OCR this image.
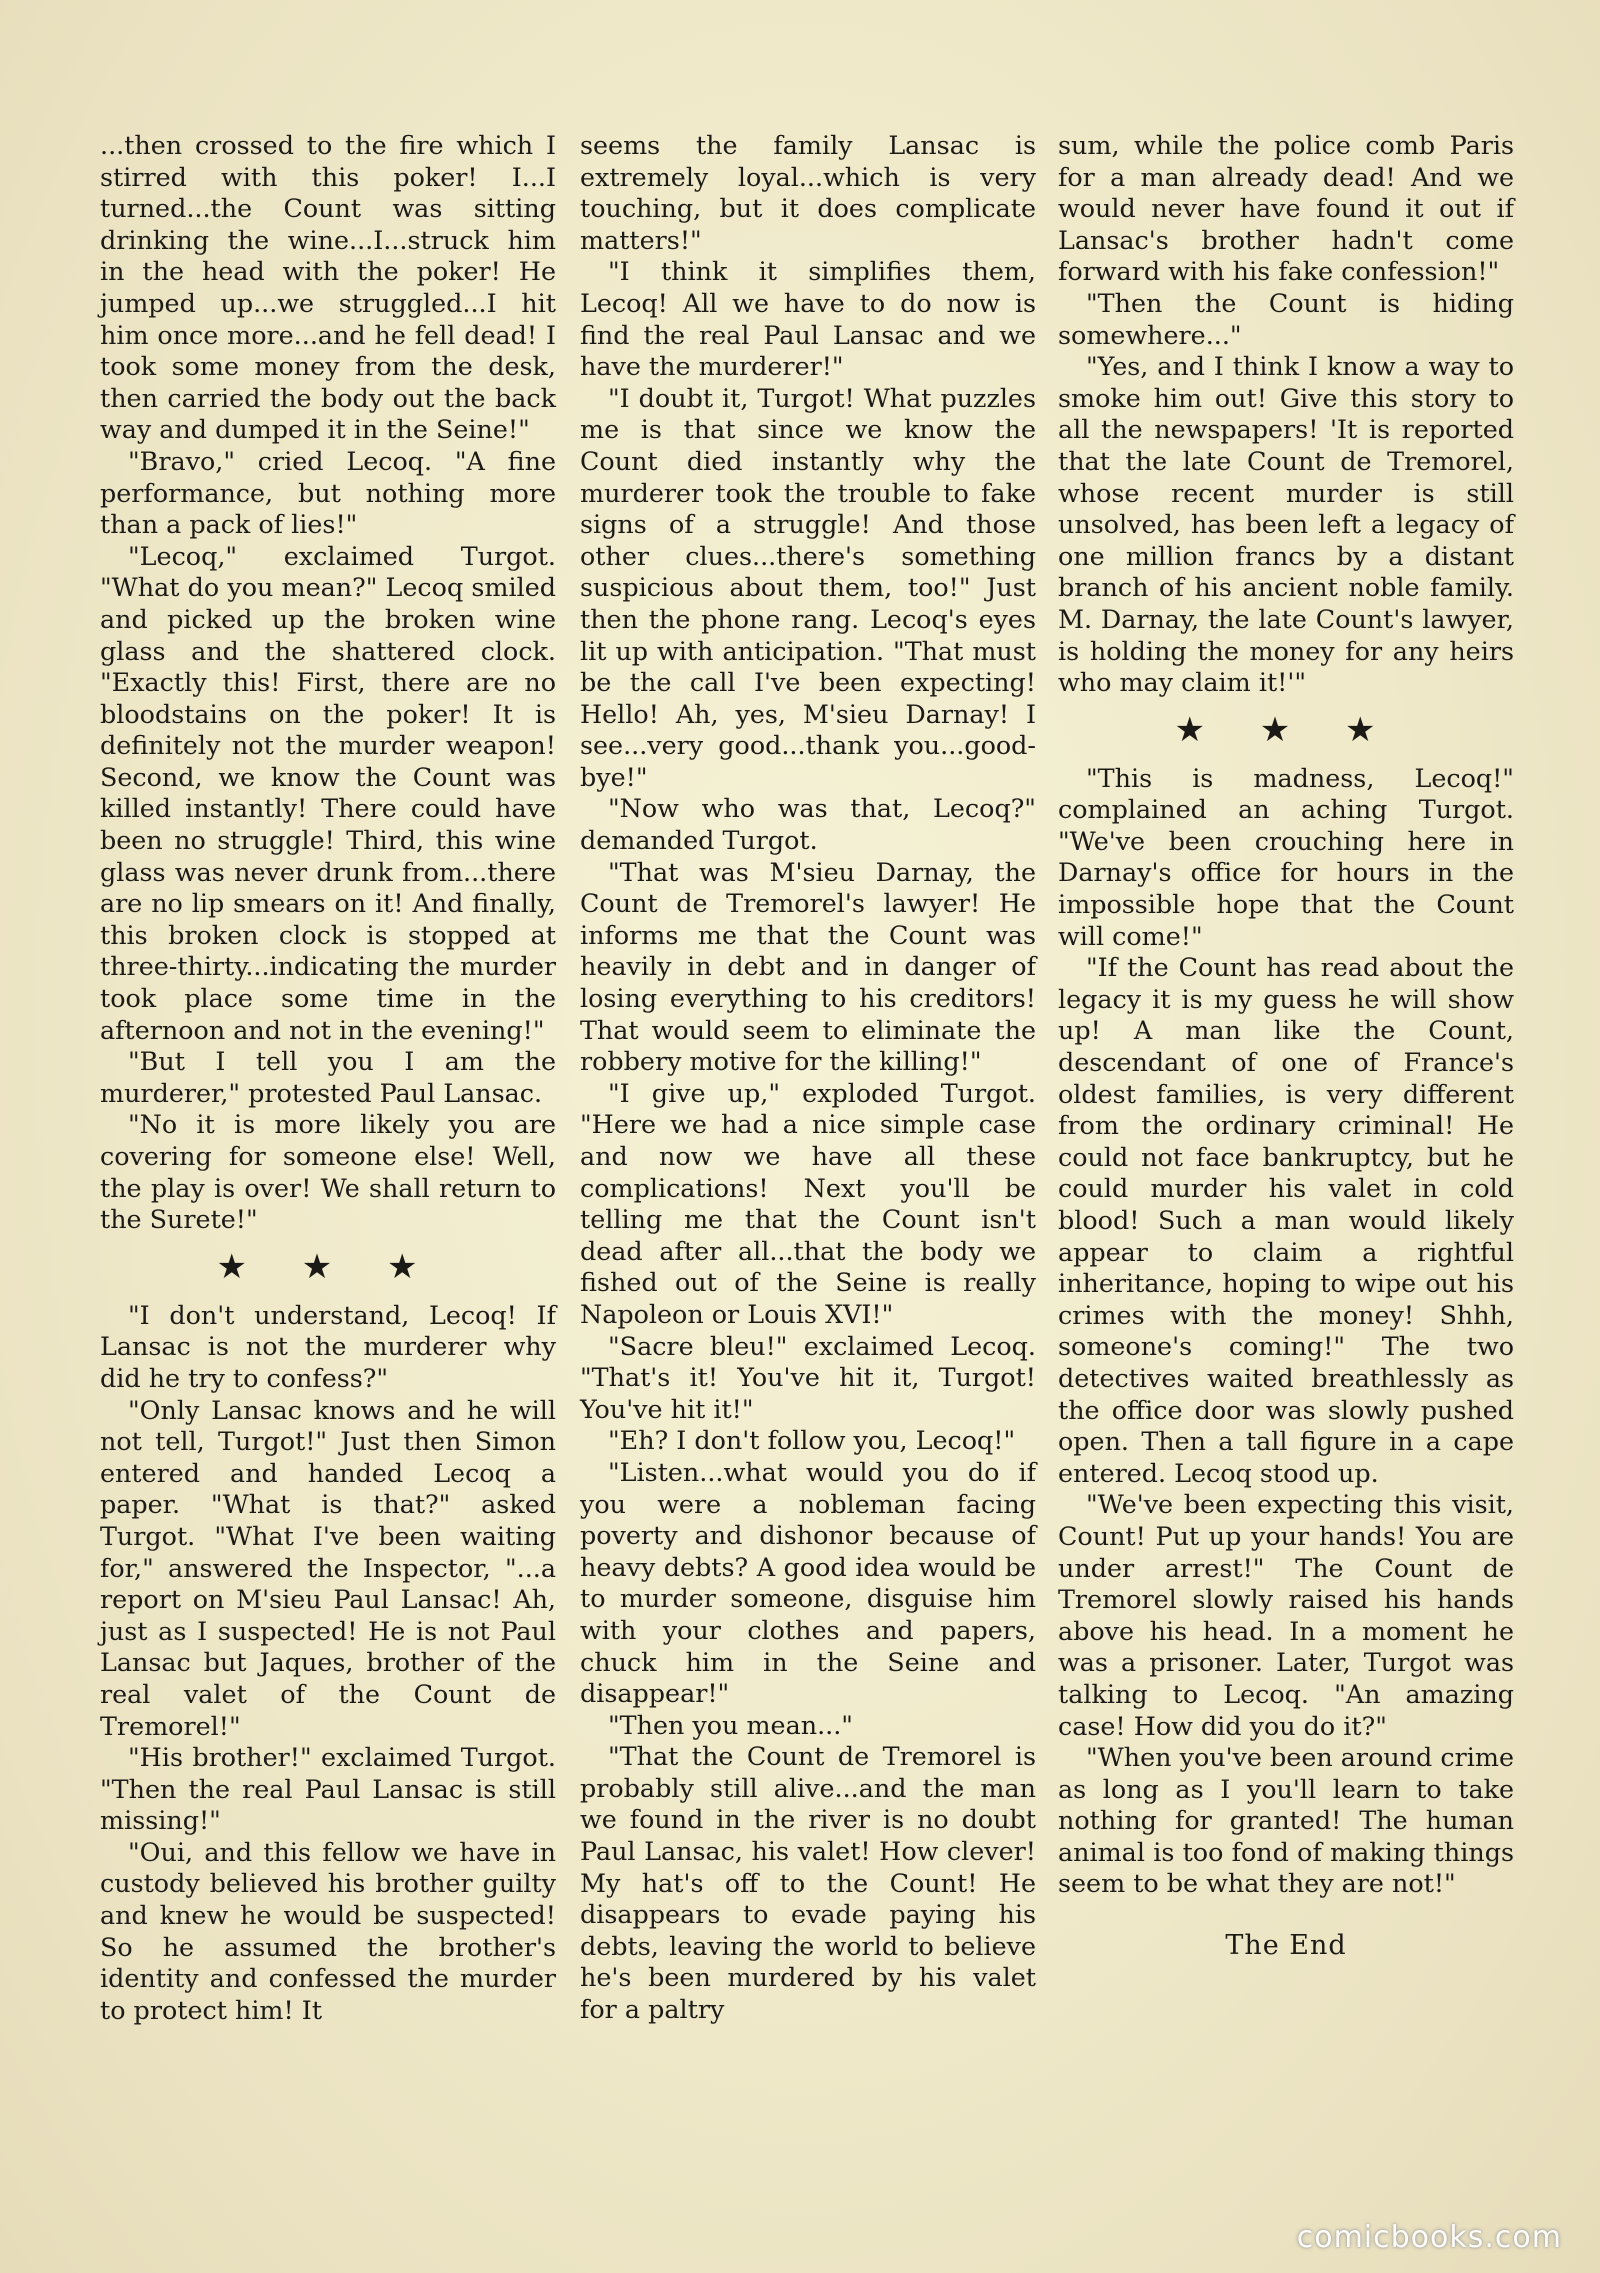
...then crossed to the fire which I stirred with this poker! I...I turned...the Count was sitting drinking the wine...I...struck him in the head with the poker! He jumped up...we struggled...I hit him once more...and he fell dead! I took some money from the desk, then carried the body out the back way and dumped it in the Seine!"

"Bravo," cried Lecoq. "A fine performance, but nothing more than a pack of lies!"

"Lecoq," exclaimed Turgot. "What do you mean?" Lecoq smiled and picked up the broken wine glass and the shattered clock. "Exactly this! First, there are no bloodstains on the poker! It is definitely not the murder weapon! Second, we know the Count was killed instantly! There could have been no struggle! Third, this wine glass was never drunk from...there are no lip smears on it! And finally, this broken clock is stopped at three-thirty...indicating the murder took place some time in the afternoon and not in the evening!"

"But I tell you I am the murderer," protested Paul Lansac.

"No it is more likely you are covering for someone else! Well, the play is over! We shall return to the Surete!"

★ ★ ★

"I don't understand, Lecoq! If Lansac is not the murderer why did he try to confess?"

"Only Lansac knows and he will not tell, Turgot!" Just then Simon entered and handed Lecoq a paper. "What is that?" asked Turgot. "What I've been waiting for," answered the Inspector, "...a report on M'sieu Paul Lansac! Ah, just as I suspected! He is not Paul Lansac but Jaques, brother of the real valet of the Count de Tremorel!"

"His brother!" exclaimed Turgot. "Then the real Paul Lansac is still missing!"

"Oui, and this fellow we have in custody believed his brother guilty and knew he would be suspected! So he assumed the brother's identity and confessed the murder to protect him! It

seems the family Lansac is extremely loyal...which is very touching, but it does complicate matters!"

"I think it simplifies them, Lecoq! All we have to do now is find the real Paul Lansac and we have the murderer!"

"I doubt it, Turgot! What puzzles me is that since we know the Count died instantly why the murderer took the trouble to fake signs of a struggle! And those other clues...there's something suspicious about them, too!" Just then the phone rang. Lecoq's eyes lit up with anticipation. "That must be the call I've been expecting! Hello! Ah, yes, M'sieu Darnay! I see...very good...thank you...good-bye!"

"Now who was that, Lecoq?" demanded Turgot.

"That was M'sieu Darnay, the Count de Tremorel's lawyer! He informs me that the Count was heavily in debt and in danger of losing everything to his creditors! That would seem to eliminate the robbery motive for the killing!"

"I give up," exploded Turgot. "Here we had a nice simple case and now we have all these complications! Next you'll be telling me that the Count isn't dead after all...that the body we fished out of the Seine is really Napoleon or Louis XVI!"

"Sacre bleu!" exclaimed Lecoq. "That's it! You've hit it, Turgot! You've hit it!"

"Eh? I don't follow you, Lecoq!"

"Listen...what would you do if you were a nobleman facing poverty and dishonor because of heavy debts? A good idea would be to murder someone, disguise him with your clothes and papers, chuck him in the Seine and disappear!"

"Then you mean..."

"That the Count de Tremorel is probably still alive...and the man we found in the river is no doubt Paul Lansac, his valet! How clever! My hat's off to the Count! He disappears to evade paying his debts, leaving the world to believe he's been murdered by his valet for a paltry

sum, while the police comb Paris for a man already dead! And we would never have found it out if Lansac's brother hadn't come forward with his fake confession!"

"Then the Count is hiding somewhere..."

"Yes, and I think I know a way to smoke him out! Give this story to all the newspapers! 'It is reported that the late Count de Tremorel, whose recent murder is still unsolved, has been left a legacy of one million francs by a distant branch of his ancient noble family. M. Darnay, the late Count's lawyer, is holding the money for any heirs who may claim it!'"

★ ★ ★

"This is madness, Lecoq!" complained an aching Turgot. "We've been crouching here in Darnay's office for hours in the impossible hope that the Count will come!"

"If the Count has read about the legacy it is my guess he will show up! A man like the Count, descendant of one of France's oldest families, is very different from the ordinary criminal! He could not face bankruptcy, but he could murder his valet in cold blood! Such a man would likely appear to claim a rightful inheritance, hoping to wipe out his crimes with the money! Shhh, someone's coming!" The two detectives waited breathlessly as the office door was slowly pushed open. Then a tall figure in a cape entered. Lecoq stood up.

"We've been expecting this visit, Count! Put up your hands! You are under arrest!" The Count de Tremorel slowly raised his hands above his head. In a moment he was a prisoner. Later, Turgot was talking to Lecoq. "An amazing case! How did you do it?"

"When you've been around crime as long as I you'll learn to take nothing for granted! The human animal is too fond of making things seem to be what they are not!"

The End
comicbooks.com
